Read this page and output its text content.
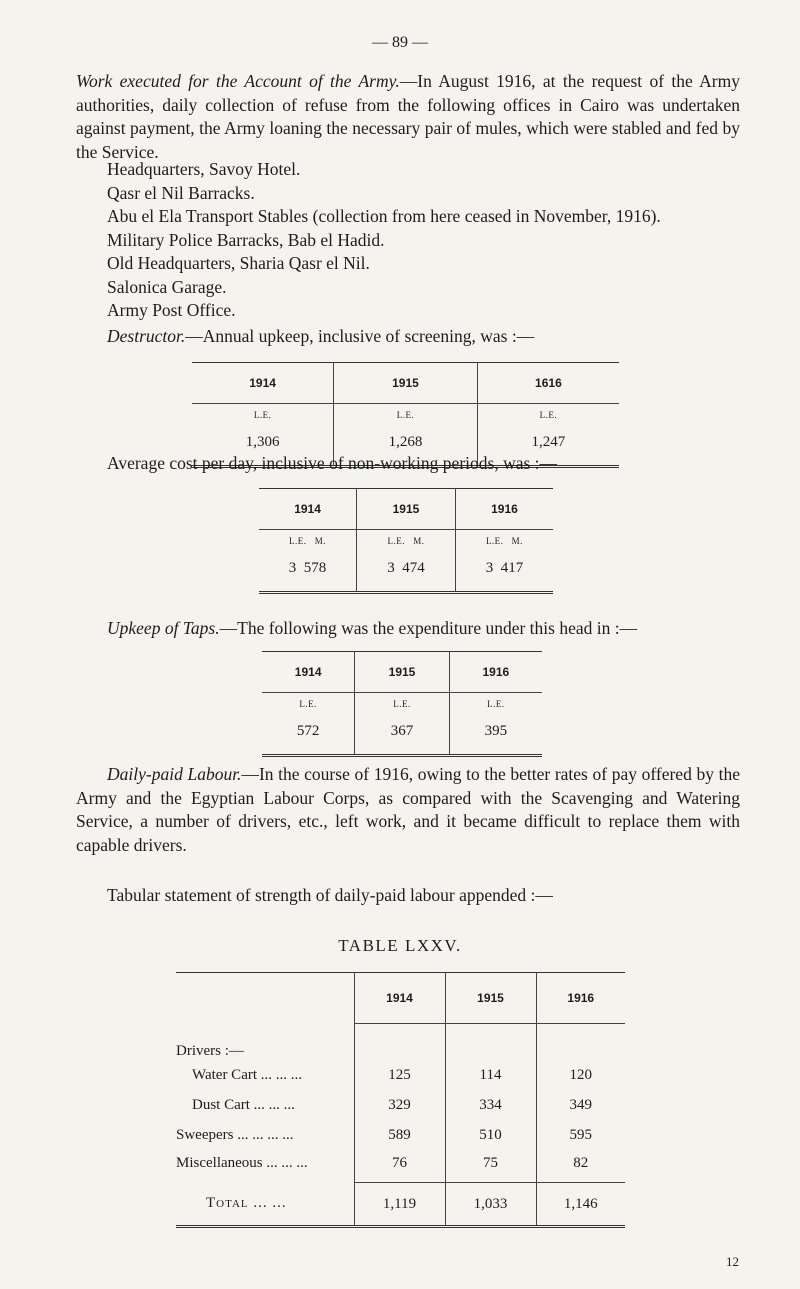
— 89 —

Work executed for the Account of the Army.—In August 1916, at the request of the Army authorities, daily collection of refuse from the following offices in Cairo was undertaken against payment, the Army loaning the necessary pair of mules, which were stabled and fed by the Service.

Headquarters, Savoy Hotel.
Qasr el Nil Barracks.
Abu el Ela Transport Stables (collection from here ceased in November, 1916).
Military Police Barracks, Bab el Hadid.
Old Headquarters, Sharia Qasr el Nil.
Salonica Garage.
Army Post Office.

Destructor.—Annual upkeep, inclusive of screening, was :—

1914	1915	1616
L.E.	L.E.	L.E.
1,306	1,268	1,247

Average cost per day, inclusive of non-working periods, was :—

1914	1915	1916
L.E.   M.	L.E.   M.	L.E.   M.
3  578	3  474	3  417

Upkeep of Taps.—The following was the expenditure under this head in :—

1914	1915	1916
L.E.	L.E.	L.E.
572	367	395

Daily-paid Labour.—In the course of 1916, owing to the better rates of pay offered by the Army and the Egyptian Labour Corps, as compared with the Scavenging and Watering Service, a number of drivers, etc., left work, and it became difficult to replace them with capable drivers.

Tabular statement of strength of daily-paid labour appended :—

TABLE LXXV.
	1914	1915	1916
Drivers :—			
Water Cart ... ... ...	125	114	120
Dust Cart ... ... ...	329	334	349
Sweepers ... ... ... ...	589	510	595
Miscellaneous ... ... ...	76	75	82
Total ... ...	1,119	1,033	1,146
12
